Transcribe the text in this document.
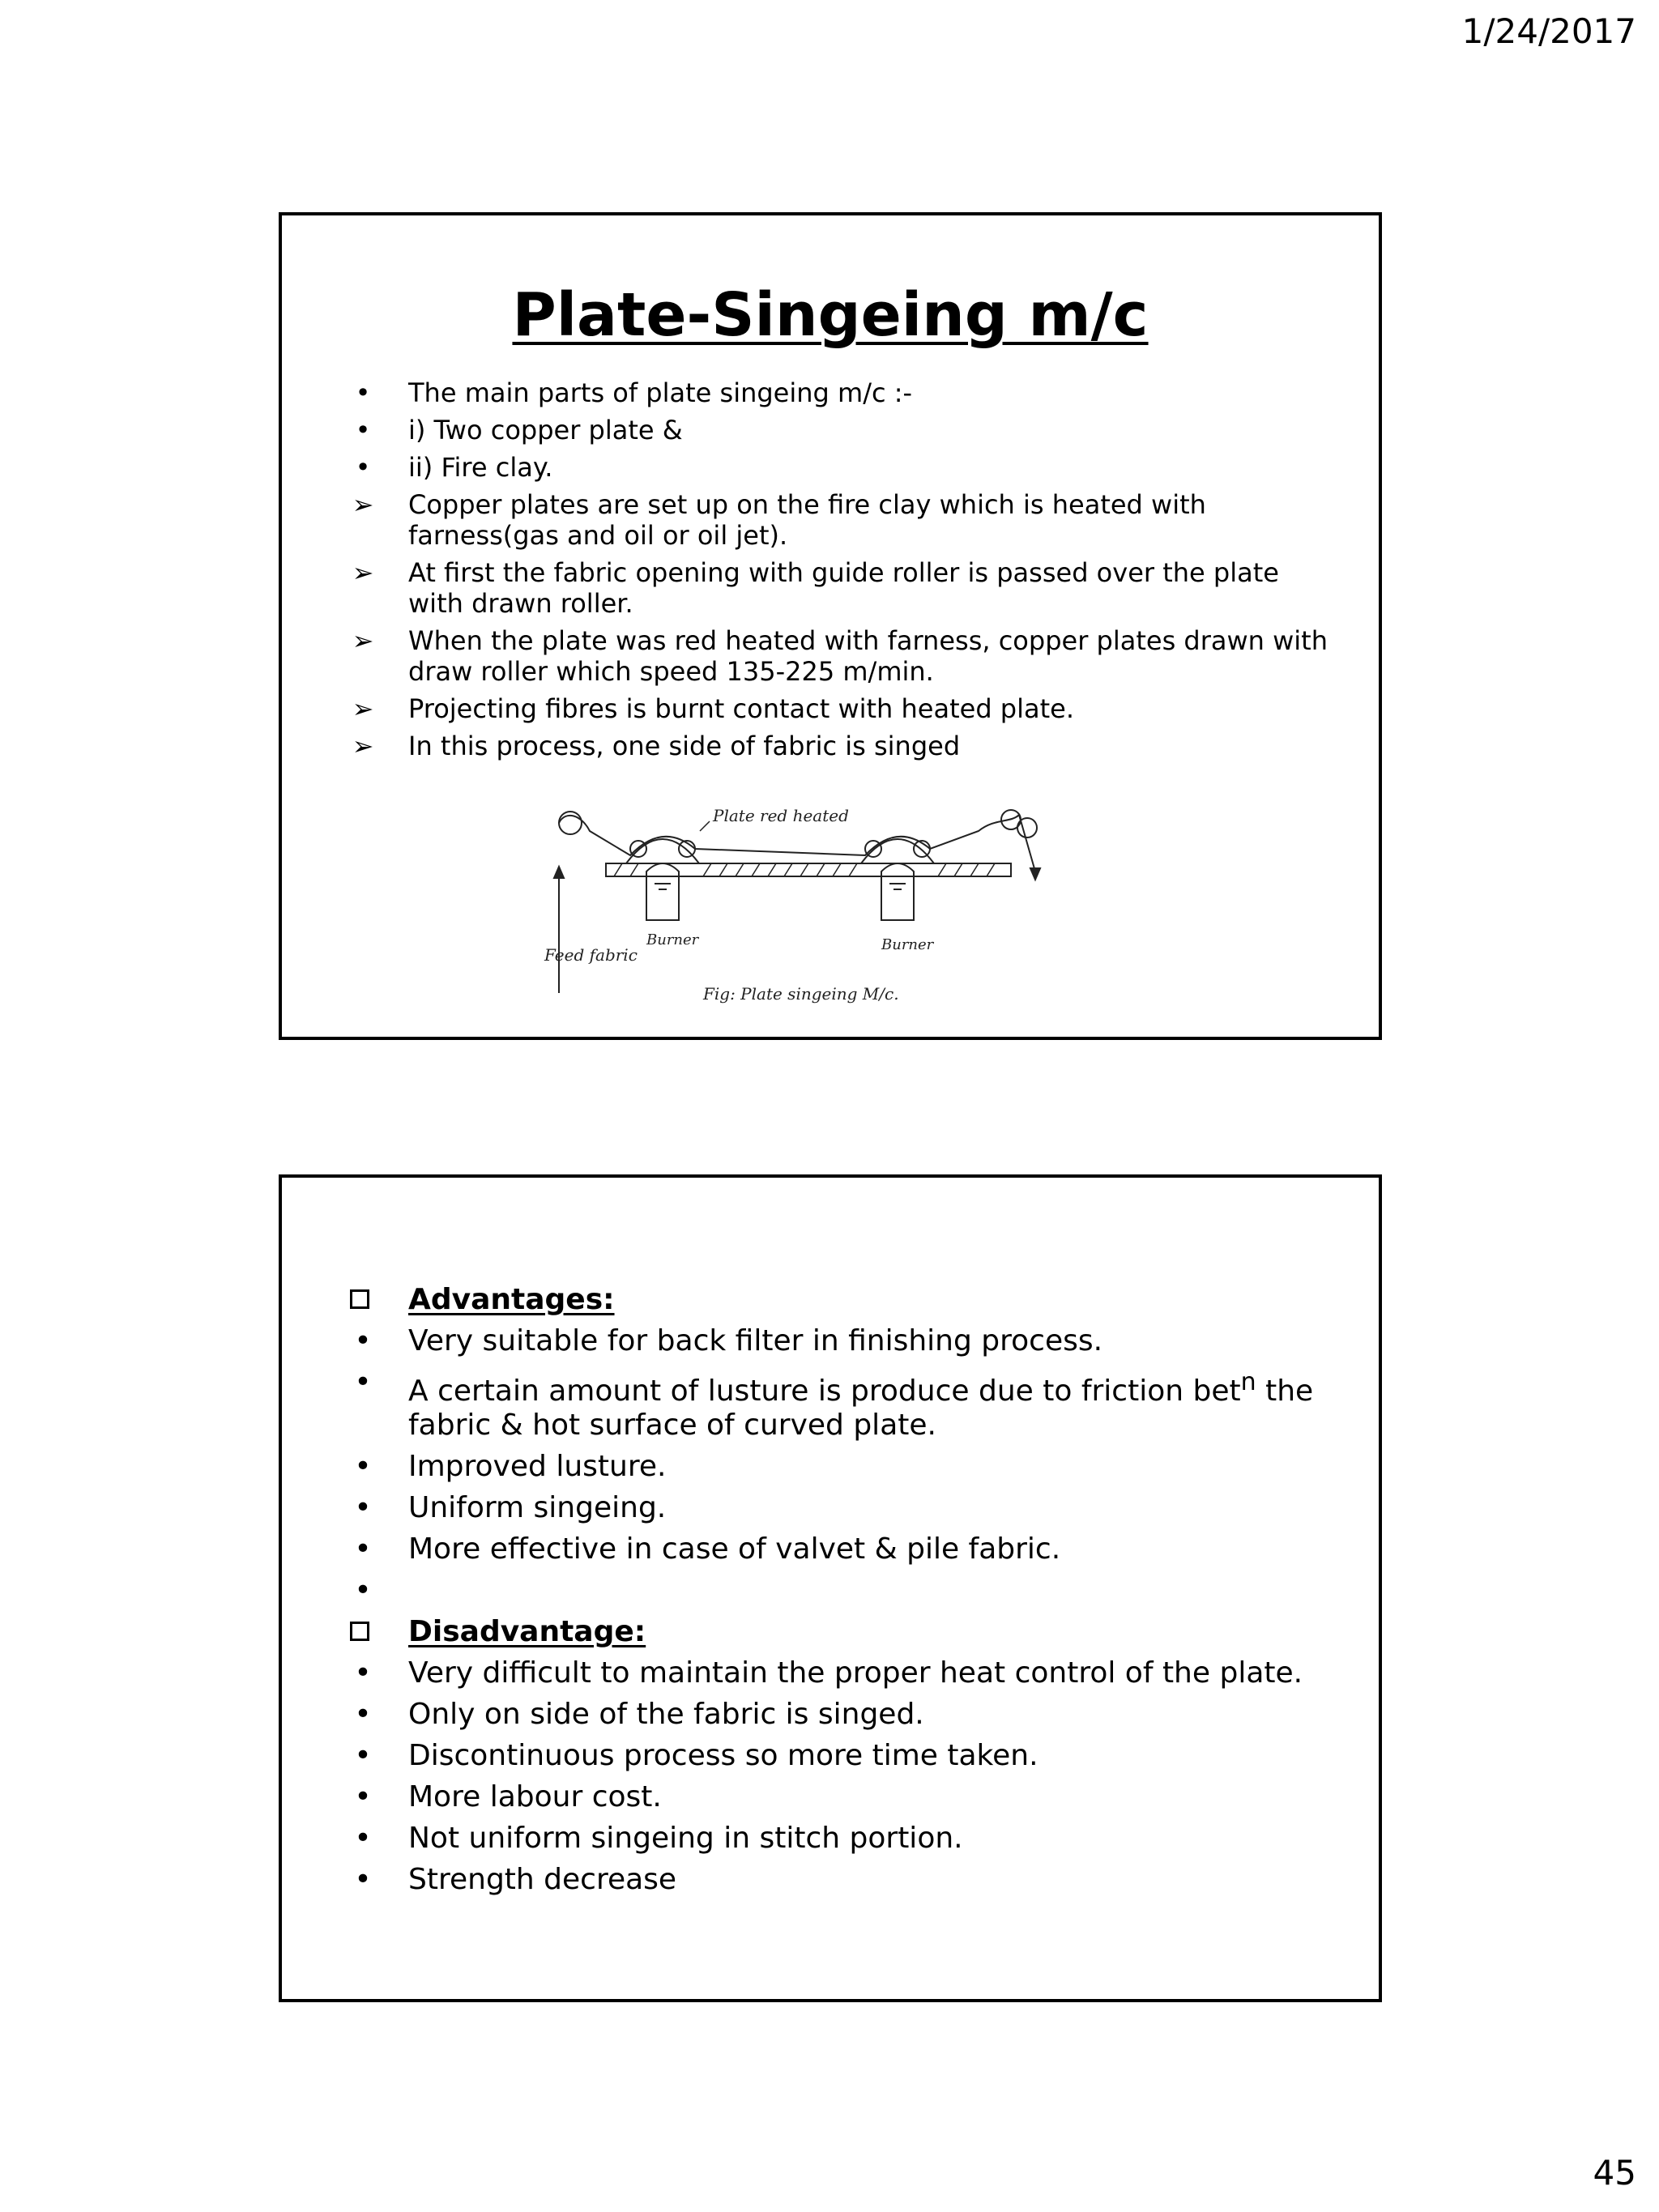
1/24/2017
Plate-Singeing m/c
•	The main parts of plate singeing m/c :-
•	i) Two copper plate &
•	ii) Fire clay.
➢ Copper plates are set up on the fire clay which is heated with farness(gas and oil or oil jet).
➢ At first the fabric opening with guide roller is passed over the plate with drawn roller.
➢ When the plate was red heated with farness, copper plates drawn with draw roller which speed 135-225 m/min.
➢ Projecting fibres is burnt contact with heated plate.
➢ In this process, one side of fabric is singed
Plate red heated
Burner	Burner
Feed fabric
Fig: Plate singeing M/c.
Advantages:
• Very suitable for back filter in finishing process.
• A certain amount of lusture is produce due to friction bet$^n$ the fabric & hot surface of curved plate.
• Improved lusture.
• Uniform singeing.
• More effective in case of valvet & pile fabric.
•
Disadvantage:
• Very difficult to maintain the proper heat control of the plate.
• Only on side of the fabric is singed.
• Discontinuous process so more time taken.
• More labour cost.
• Not uniform singeing in stitch portion.
• Strength decrease
45
